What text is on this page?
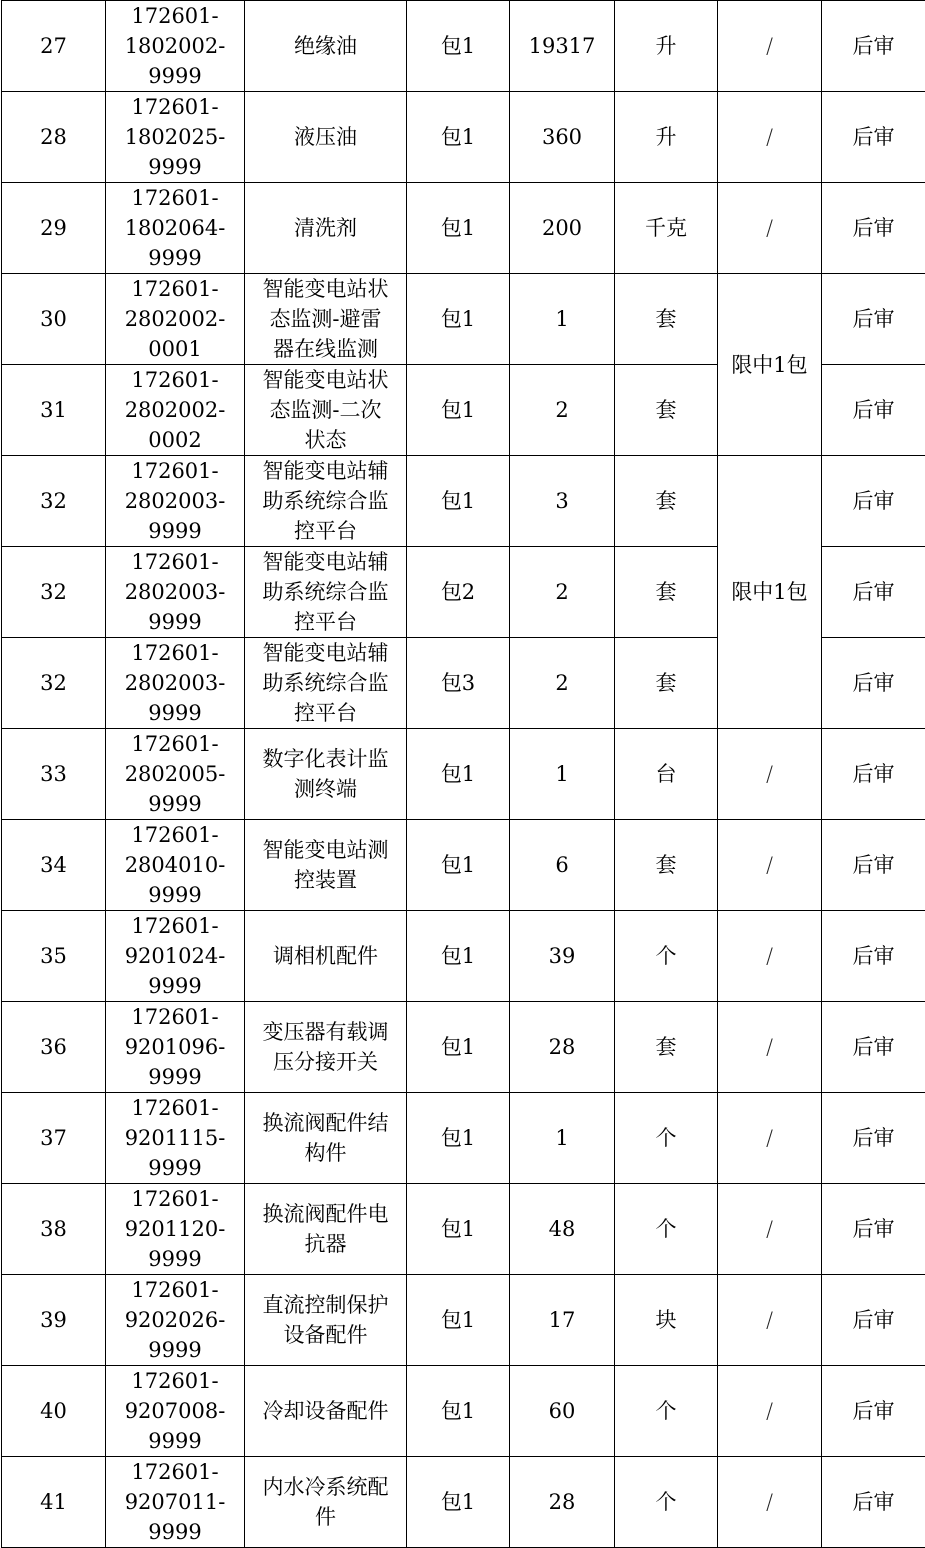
27	172601-
1802002-
9999	绝缘油	包1	19317	升	/	后审
28	172601-
1802025-
9999	液压油	包1	360	升	/	后审
29	172601-
1802064-
9999	清洗剂	包1	200	千克	/	后审
30	172601-
2802002-
0001	智能变电站状
态监测-避雷
器在线监测	包1	1	套	限中1包	后审
31	172601-
2802002-
0002	智能变电站状
态监测-二次
状态	包1	2	套		后审
32	172601-
2802003-
9999	智能变电站辅
助系统综合监
控平台	包1	3	套	限中1包	后审
32	172601-
2802003-
9999	智能变电站辅
助系统综合监
控平台	包2	2	套		后审
32	172601-
2802003-
9999	智能变电站辅
助系统综合监
控平台	包3	2	套		后审
33	172601-
2802005-
9999	数字化表计监
测终端	包1	1	台	/	后审
34	172601-
2804010-
9999	智能变电站测
控装置	包1	6	套	/	后审
35	172601-
9201024-
9999	调相机配件	包1	39	个	/	后审
36	172601-
9201096-
9999	变压器有载调
压分接开关	包1	28	套	/	后审
37	172601-
9201115-
9999	换流阀配件结
构件	包1	1	个	/	后审
38	172601-
9201120-
9999	换流阀配件电
抗器	包1	48	个	/	后审
39	172601-
9202026-
9999	直流控制保护
设备配件	包1	17	块	/	后审
40	172601-
9207008-
9999	冷却设备配件	包1	60	个	/	后审
41	172601-
9207011-
9999	内水冷系统配
件	包1	28	个	/	后审
